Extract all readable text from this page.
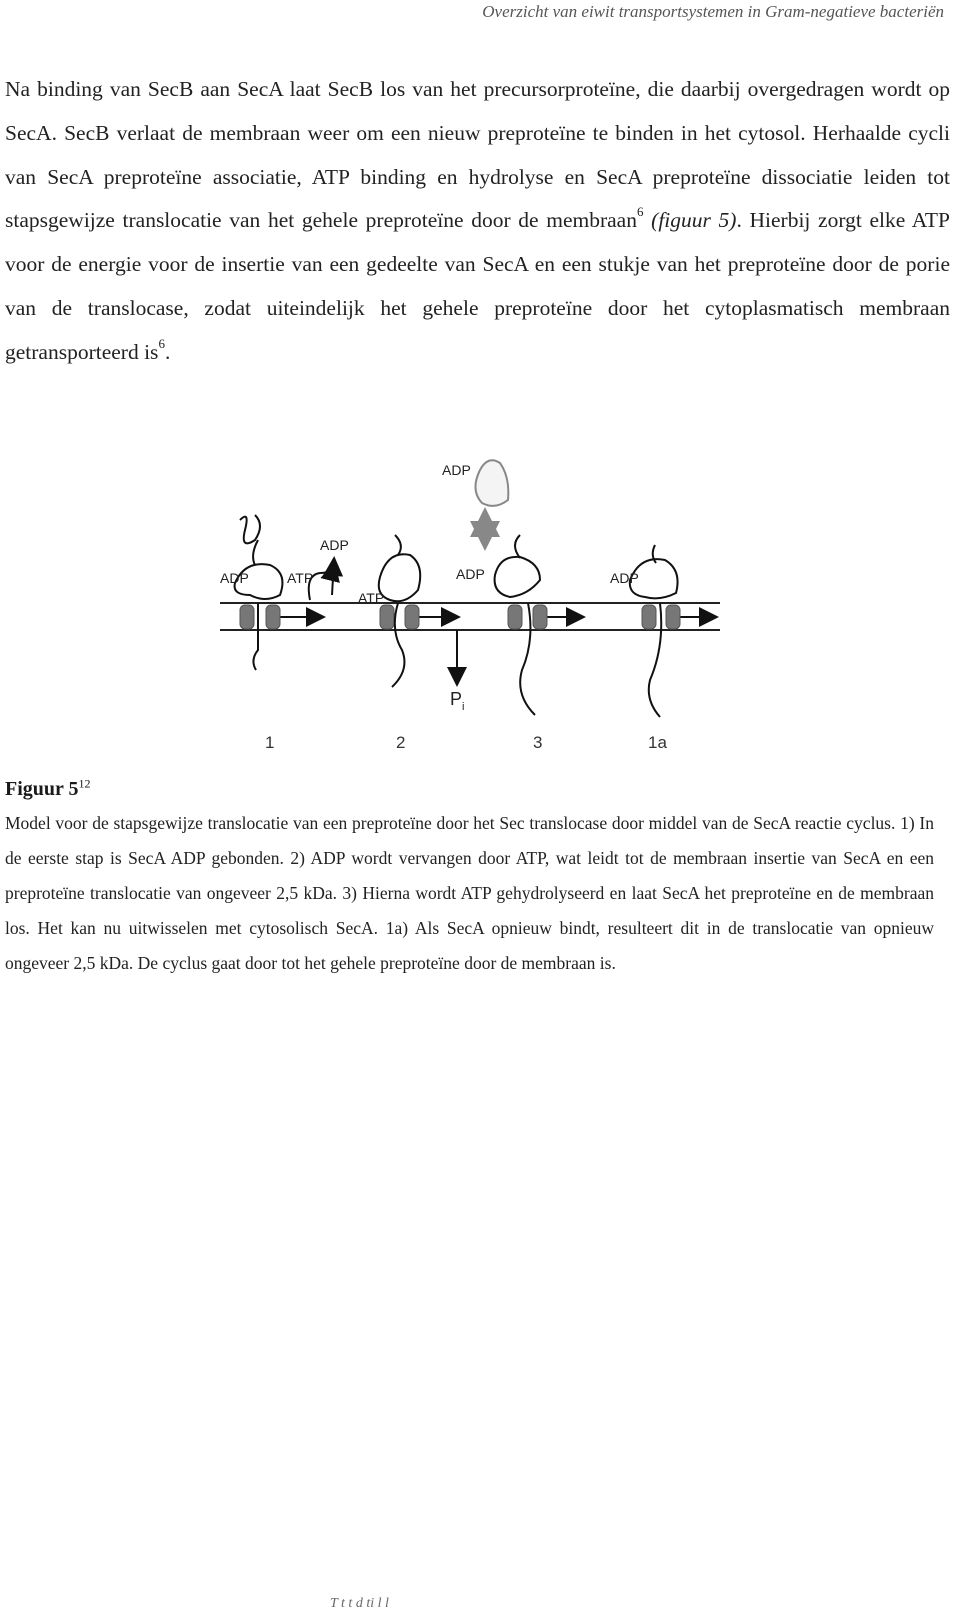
Overzicht van eiwit transportsystemen in Gram-negatieve bacteriën
Na binding van SecB aan SecA laat SecB los van het precursorproteïne, die daarbij overgedragen wordt op SecA. SecB verlaat de membraan weer om een nieuw preproteïne te binden in het cytosol. Herhaalde cycli van SecA preproteïne associatie, ATP binding en hydrolyse en SecA preproteïne dissociatie leiden tot stapsgewijze translocatie van het gehele preproteïne door de membraan$^6$ (figuur 5). Hierbij zorgt elke ATP voor de energie voor de insertie van een gedeelte van SecA en een stukje van het preproteïne door de porie van de translocase, zodat uiteindelijk het gehele preproteïne door het cytoplasmatisch membraan getransporteerd $is^6$.
ADP
ADP
ADP	ATP
ATP
ADP	ADP
$P_i$
1	2	3	1a
Figuur $5^{12}$
Model voor de stapsgewijze translocatie van een preproteïne door het Sec translocase door middel van de SecA reactie cyclus. 1) In de eerste stap is SecA ADP gebonden. 2) ADP wordt vervangen door ATP, wat leidt tot de membraan insertie van SecA en een preproteïne translocatie van ongeveer 2,5 kDa. 3) Hierna wordt ATP gehydrolyseerd en laat SecA het preproteïne en de membraan los. Het kan nu uitwisselen met cytosolisch SecA. 1a) Als SecA opnieuw bindt, resulteert dit in de translocatie van opnieuw ongeveer 2,5 kDa. De cyclus gaat door tot het gehele preproteïne door de membraan is.
T t t d ti l l
